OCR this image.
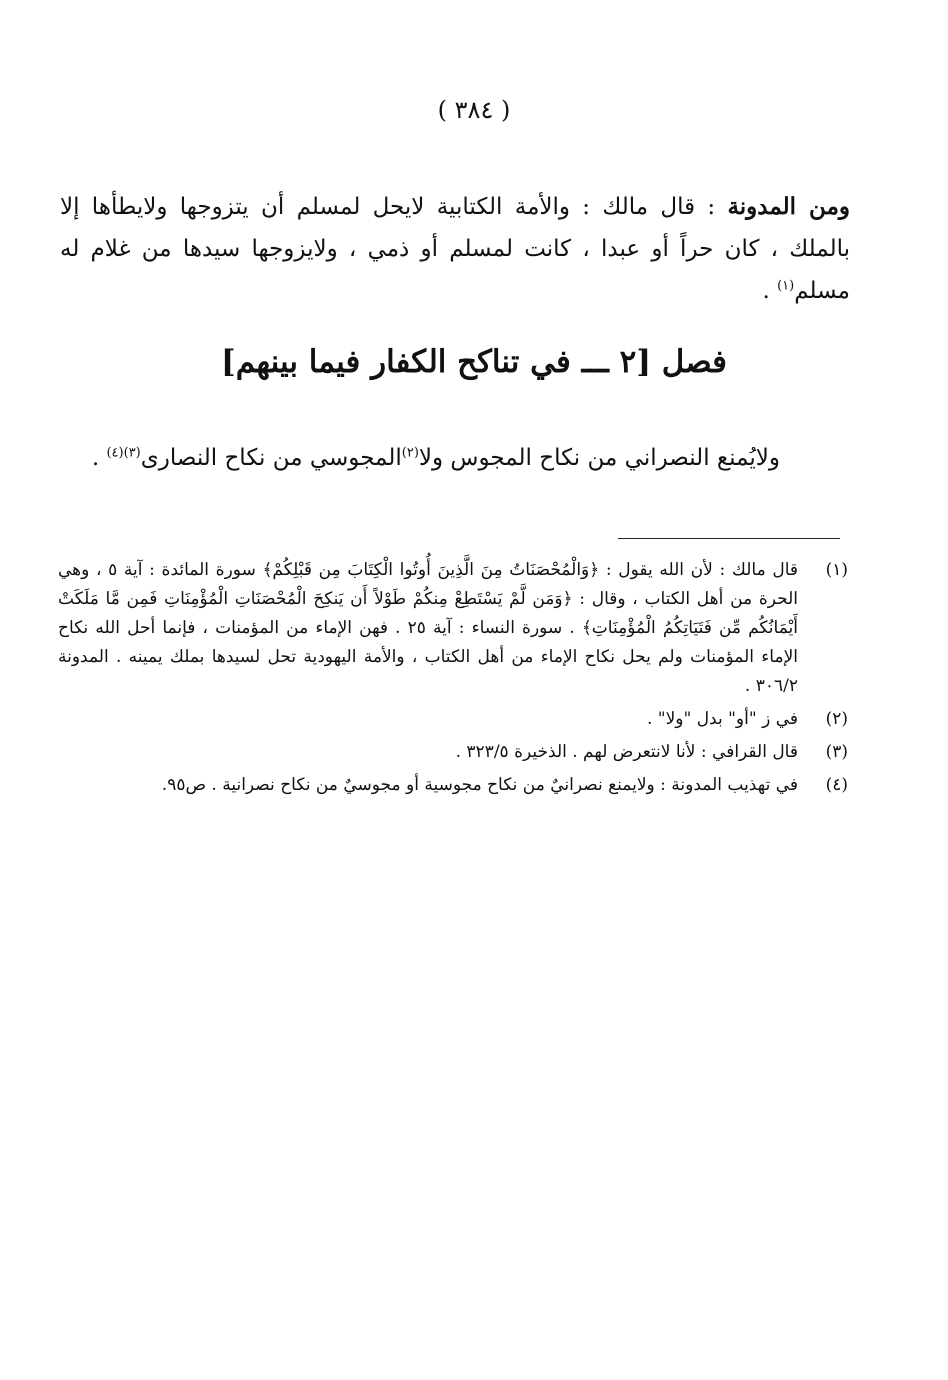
( ٣٨٤ )
ومن المدونة : قال مالك : والأمة الكتابية لايحل لمسلم أن يتزوجها ولايطأها إلا بالملك ، كان حراً أو عبدا ، كانت لمسلم أو ذمي ، ولايزوجها سيدها من غلام له مسلم$^{(١)}$ .
فصل [٢ ـــ في تناكح الكفار فيما بينهم]
ولايُمنع النصراني من نكاح المجوس ولا$^{(٢)}$المجوسي من نكاح النصارى$^{(٣)(٤)}$ .
(١)
قال مالك : لأن الله يقول : ﴿وَالْمُحْصَنَاتُ مِنَ الَّذِينَ أُوتُوا الْكِتَابَ مِن قَبْلِكُمْ﴾ سورة المائدة : آية ٥ ، وهي الحرة من أهل الكتاب ، وقال : ﴿وَمَن لَّمْ يَسْتَطِعْ مِنكُمْ طَوْلاً أَن يَنكِحَ الْمُحْصَنَاتِ الْمُؤْمِنَاتِ فَمِن مَّا مَلَكَتْ أَيْمَانُكُم مِّن فَتَيَاتِكُمُ الْمُؤْمِنَاتِ﴾ . سورة النساء : آية ٢٥ . فهن الإماء من المؤمنات ، فإنما أحل الله نكاح الإماء المؤمنات ولم يحل نكاح الإماء من أهل الكتاب ، والأمة اليهودية تحل لسيدها بملك يمينه . المدونة ٣٠٦/٢ .
(٢)
في ز "أو" بدل "ولا" .
(٣)
قال القرافي : لأنا لانتعرض لهم . الذخيرة ٣٢٣/٥ .
(٤)
في تهذيب المدونة : ولايمنع نصرانيٌ من نكاح مجوسية أو مجوسيٌ من نكاح نصرانية . ص٩٥.
